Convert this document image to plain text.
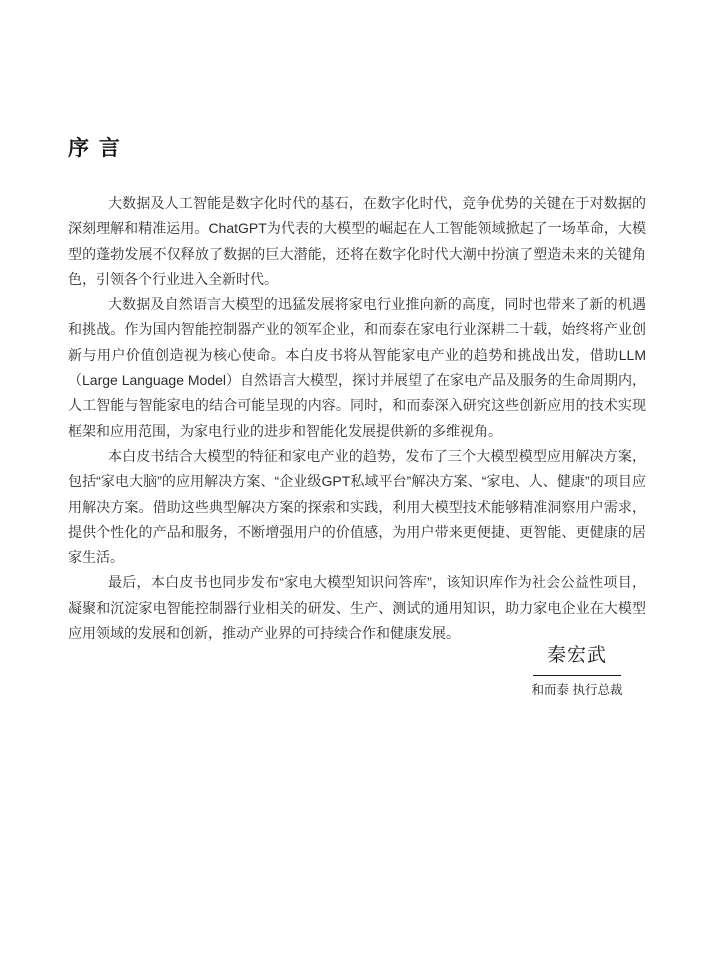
序 言

大数据及人工智能是数字化时代的基石，在数字化时代，竞争优势的关键在于对数据的深刻理解和精准运用。ChatGPT为代表的大模型的崛起在人工智能领域掀起了一场革命，大模型的蓬勃发展不仅释放了数据的巨大潜能，还将在数字化时代大潮中扮演了塑造未来的关键角色，引领各个行业进入全新时代。

大数据及自然语言大模型的迅猛发展将家电行业推向新的高度，同时也带来了新的机遇和挑战。作为国内智能控制器产业的领军企业，和而泰在家电行业深耕二十载，始终将产业创新与用户价值创造视为核心使命。本白皮书将从智能家电产业的趋势和挑战出发，借助LLM（Large Language Model）自然语言大模型，探讨并展望了在家电产品及服务的生命周期内，人工智能与智能家电的结合可能呈现的内容。同时，和而泰深入研究这些创新应用的技术实现框架和应用范围，为家电行业的进步和智能化发展提供新的多维视角。

本白皮书结合大模型的特征和家电产业的趋势，发布了三个大模型模型应用解决方案，包括“家电大脑”的应用解决方案、“企业级GPT私域平台”解决方案、“家电、人、健康”的项目应用解决方案。借助这些典型解决方案的探索和实践，利用大模型技术能够精准洞察用户需求，提供个性化的产品和服务，不断增强用户的价值感，为用户带来更便捷、更智能、更健康的居家生活。

最后，本白皮书也同步发布“家电大模型知识问答库”，该知识库作为社会公益性项目，凝聚和沉淀家电智能控制器行业相关的研发、生产、测试的通用知识，助力家电企业在大模型应用领域的发展和创新，推动产业界的可持续合作和健康发展。

秦宏武
和而泰 执行总裁
